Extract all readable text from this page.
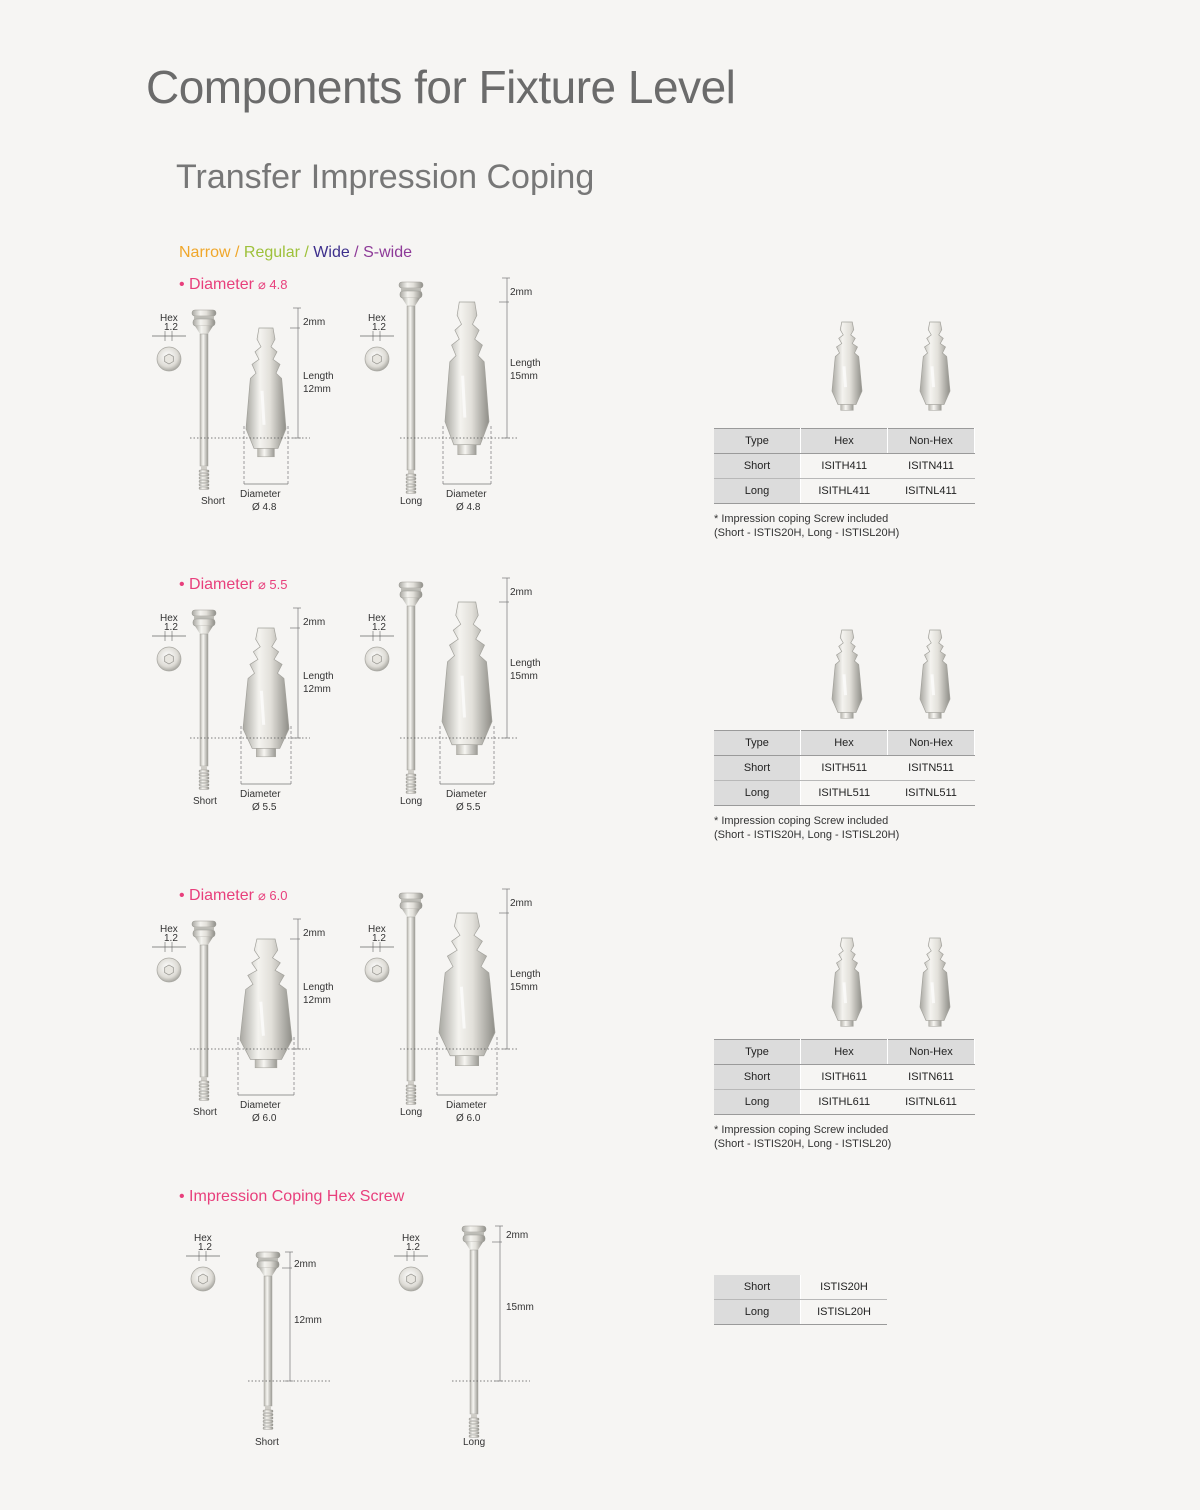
Components for Fixture Level
Transfer Impression Coping
Narrow / Regular / Wide / S-wide
• Diameter ⌀ 4.8
Hex
1.2	2mm
Length
12mm
Diameter
Ø 4.8
Short
Hex
1.2
2mm
Length
15mm
Diameter
Ø 4.8
Long
Type	Hex	Non-Hex
Short	ISITH411	ISITN411
Long	ISITHL411	ISITNL411
* Impression coping Screw included
(Short - ISTIS20H, Long - ISTISL20H)
• Diameter ⌀ 5.5
Hex
1.2	2mm
Length
12mm
Diameter
Ø 5.5
Short
Hex
1.2
2mm
Length
15mm
Diameter
Ø 5.5
Long
Type	Hex	Non-Hex
Short	ISITH511	ISITN511
Long	ISITHL511	ISITNL511
* Impression coping Screw included
(Short - ISTIS20H, Long - ISTISL20H)
• Diameter ⌀ 6.0
Hex
1.2	2mm
Length
12mm
Diameter
Ø 6.0
Short
Hex
1.2
2mm
Length
15mm
Diameter
Ø 6.0
Long
Type	Hex	Non-Hex
Short	ISITH611	ISITN611
Long	ISITHL611	ISITNL611
* Impression coping Screw included
(Short - ISTIS20H, Long - ISTISL20)
• Impression Coping Hex Screw
Hex
1.2
2mm
12mm
Short
Hex
1.2
2mm
15mm
Long
Short	ISTIS20H
Long	ISTISL20H
